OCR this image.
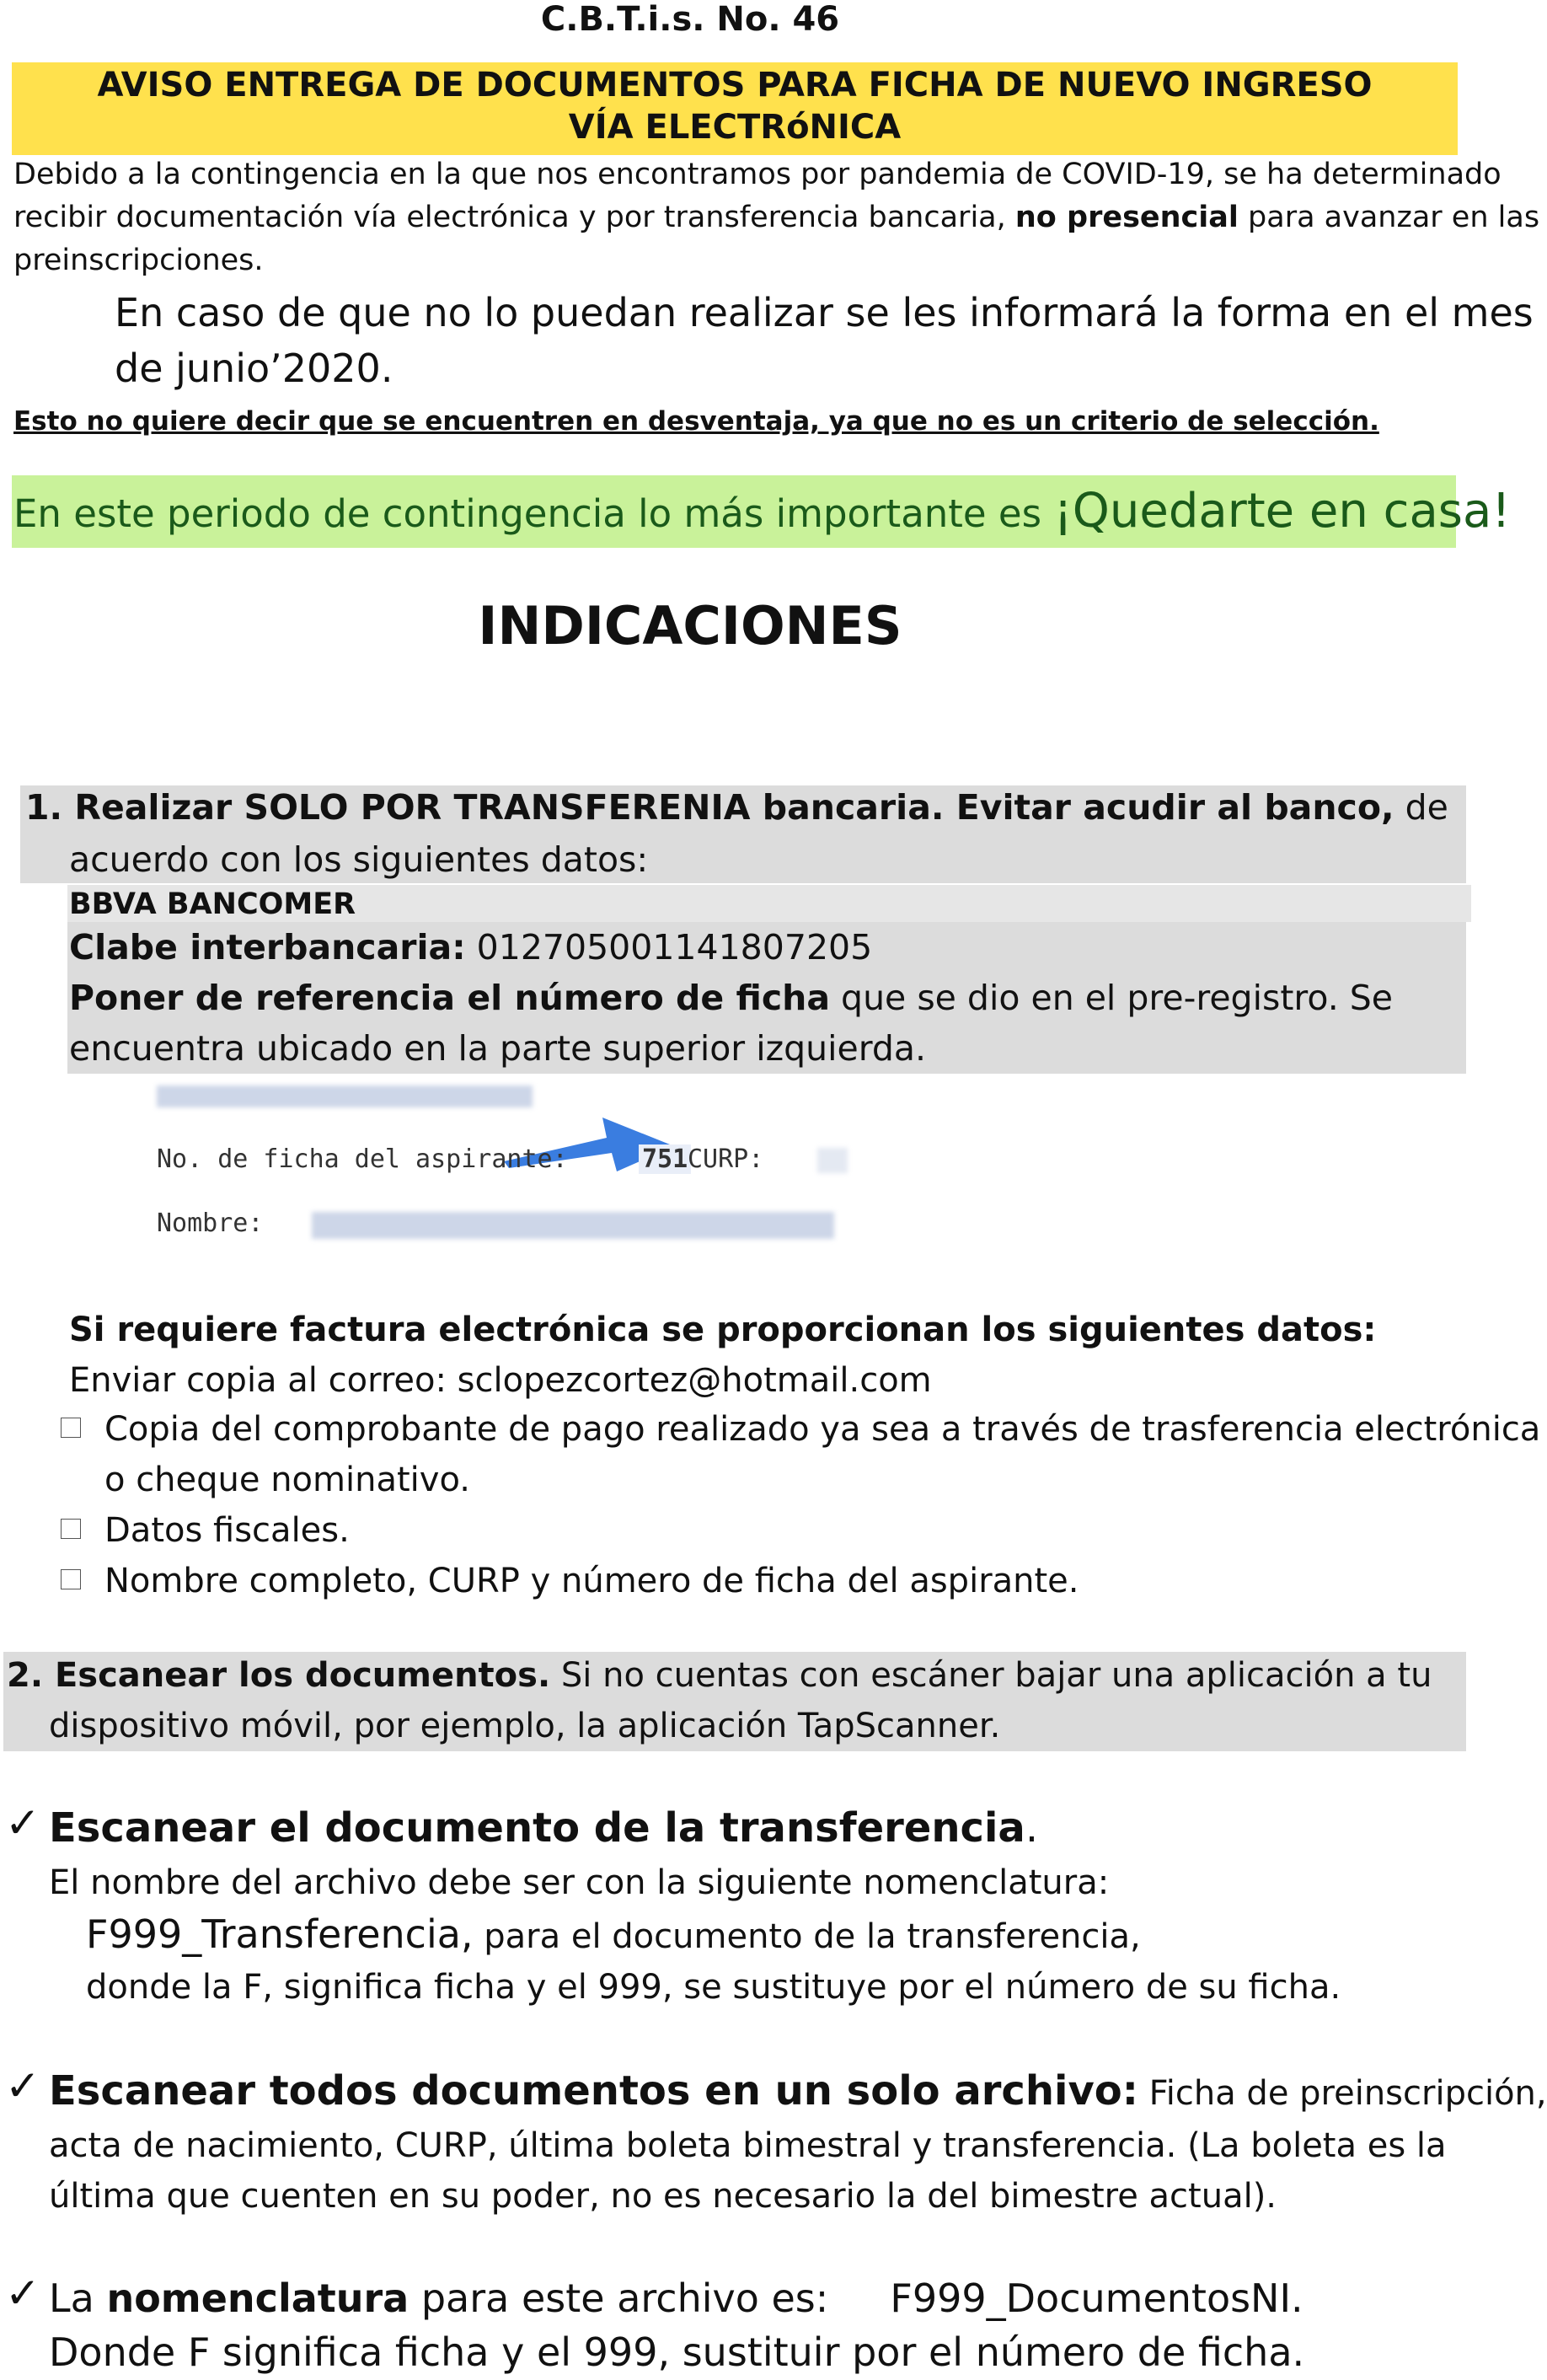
C.B.T.i.s. No. 46
AVISO ENTREGA DE DOCUMENTOS PARA FICHA DE NUEVO INGRESO
VÍA ELECTRóNICA
Debido a la contingencia en la que nos encontramos por pandemia de COVID-19, se ha determinado
recibir documentación vía electrónica y por transferencia bancaria, no presencial para avanzar en las
preinscripciones.
En caso de que no lo puedan realizar se les informará la forma en el mes
de junio’2020.
Esto no quiere decir que se encuentren en desventaja, ya que no es un criterio de selección.
En este periodo de contingencia lo más importante es ¡Quedarte en casa!
INDICACIONES
1. Realizar SOLO POR TRANSFERENIA bancaria. Evitar acudir al banco, de
acuerdo con los siguientes datos:
BBVA BANCOMER
Clabe interbancaria: 012705001141807205
Poner de referencia el número de ficha que se dio en el pre-registro. Se
encuentra ubicado en la parte superior izquierda.
No. de ficha del aspirante:	751 CURP:
Nombre:
Si requiere factura electrónica se proporcionan los siguientes datos:
Enviar copia al correo: sclopezcortez@hotmail.com
Copia del comprobante de pago realizado ya sea a través de trasferencia electrónica
o cheque nominativo.
Datos fiscales.
Nombre completo, CURP y número de ficha del aspirante.
2. Escanear los documentos. Si no cuentas con escáner bajar una aplicación a tu
dispositivo móvil, por ejemplo, la aplicación TapScanner.
✓ Escanear el documento de la transferencia.
El nombre del archivo debe ser con la siguiente nomenclatura:
F999_Transferencia, para el documento de la transferencia,
donde la F, significa ficha y el 999, se sustituye por el número de su ficha.
✓ Escanear todos documentos en un solo archivo: Ficha de preinscripción,
acta de nacimiento, CURP, última boleta bimestral y transferencia. (La boleta es la
última que cuenten en su poder, no es necesario la del bimestre actual).
✓ La nomenclatura para este archivo es:     F999_DocumentosNI.
Donde F significa ficha y el 999, sustituir por el número de ficha.
